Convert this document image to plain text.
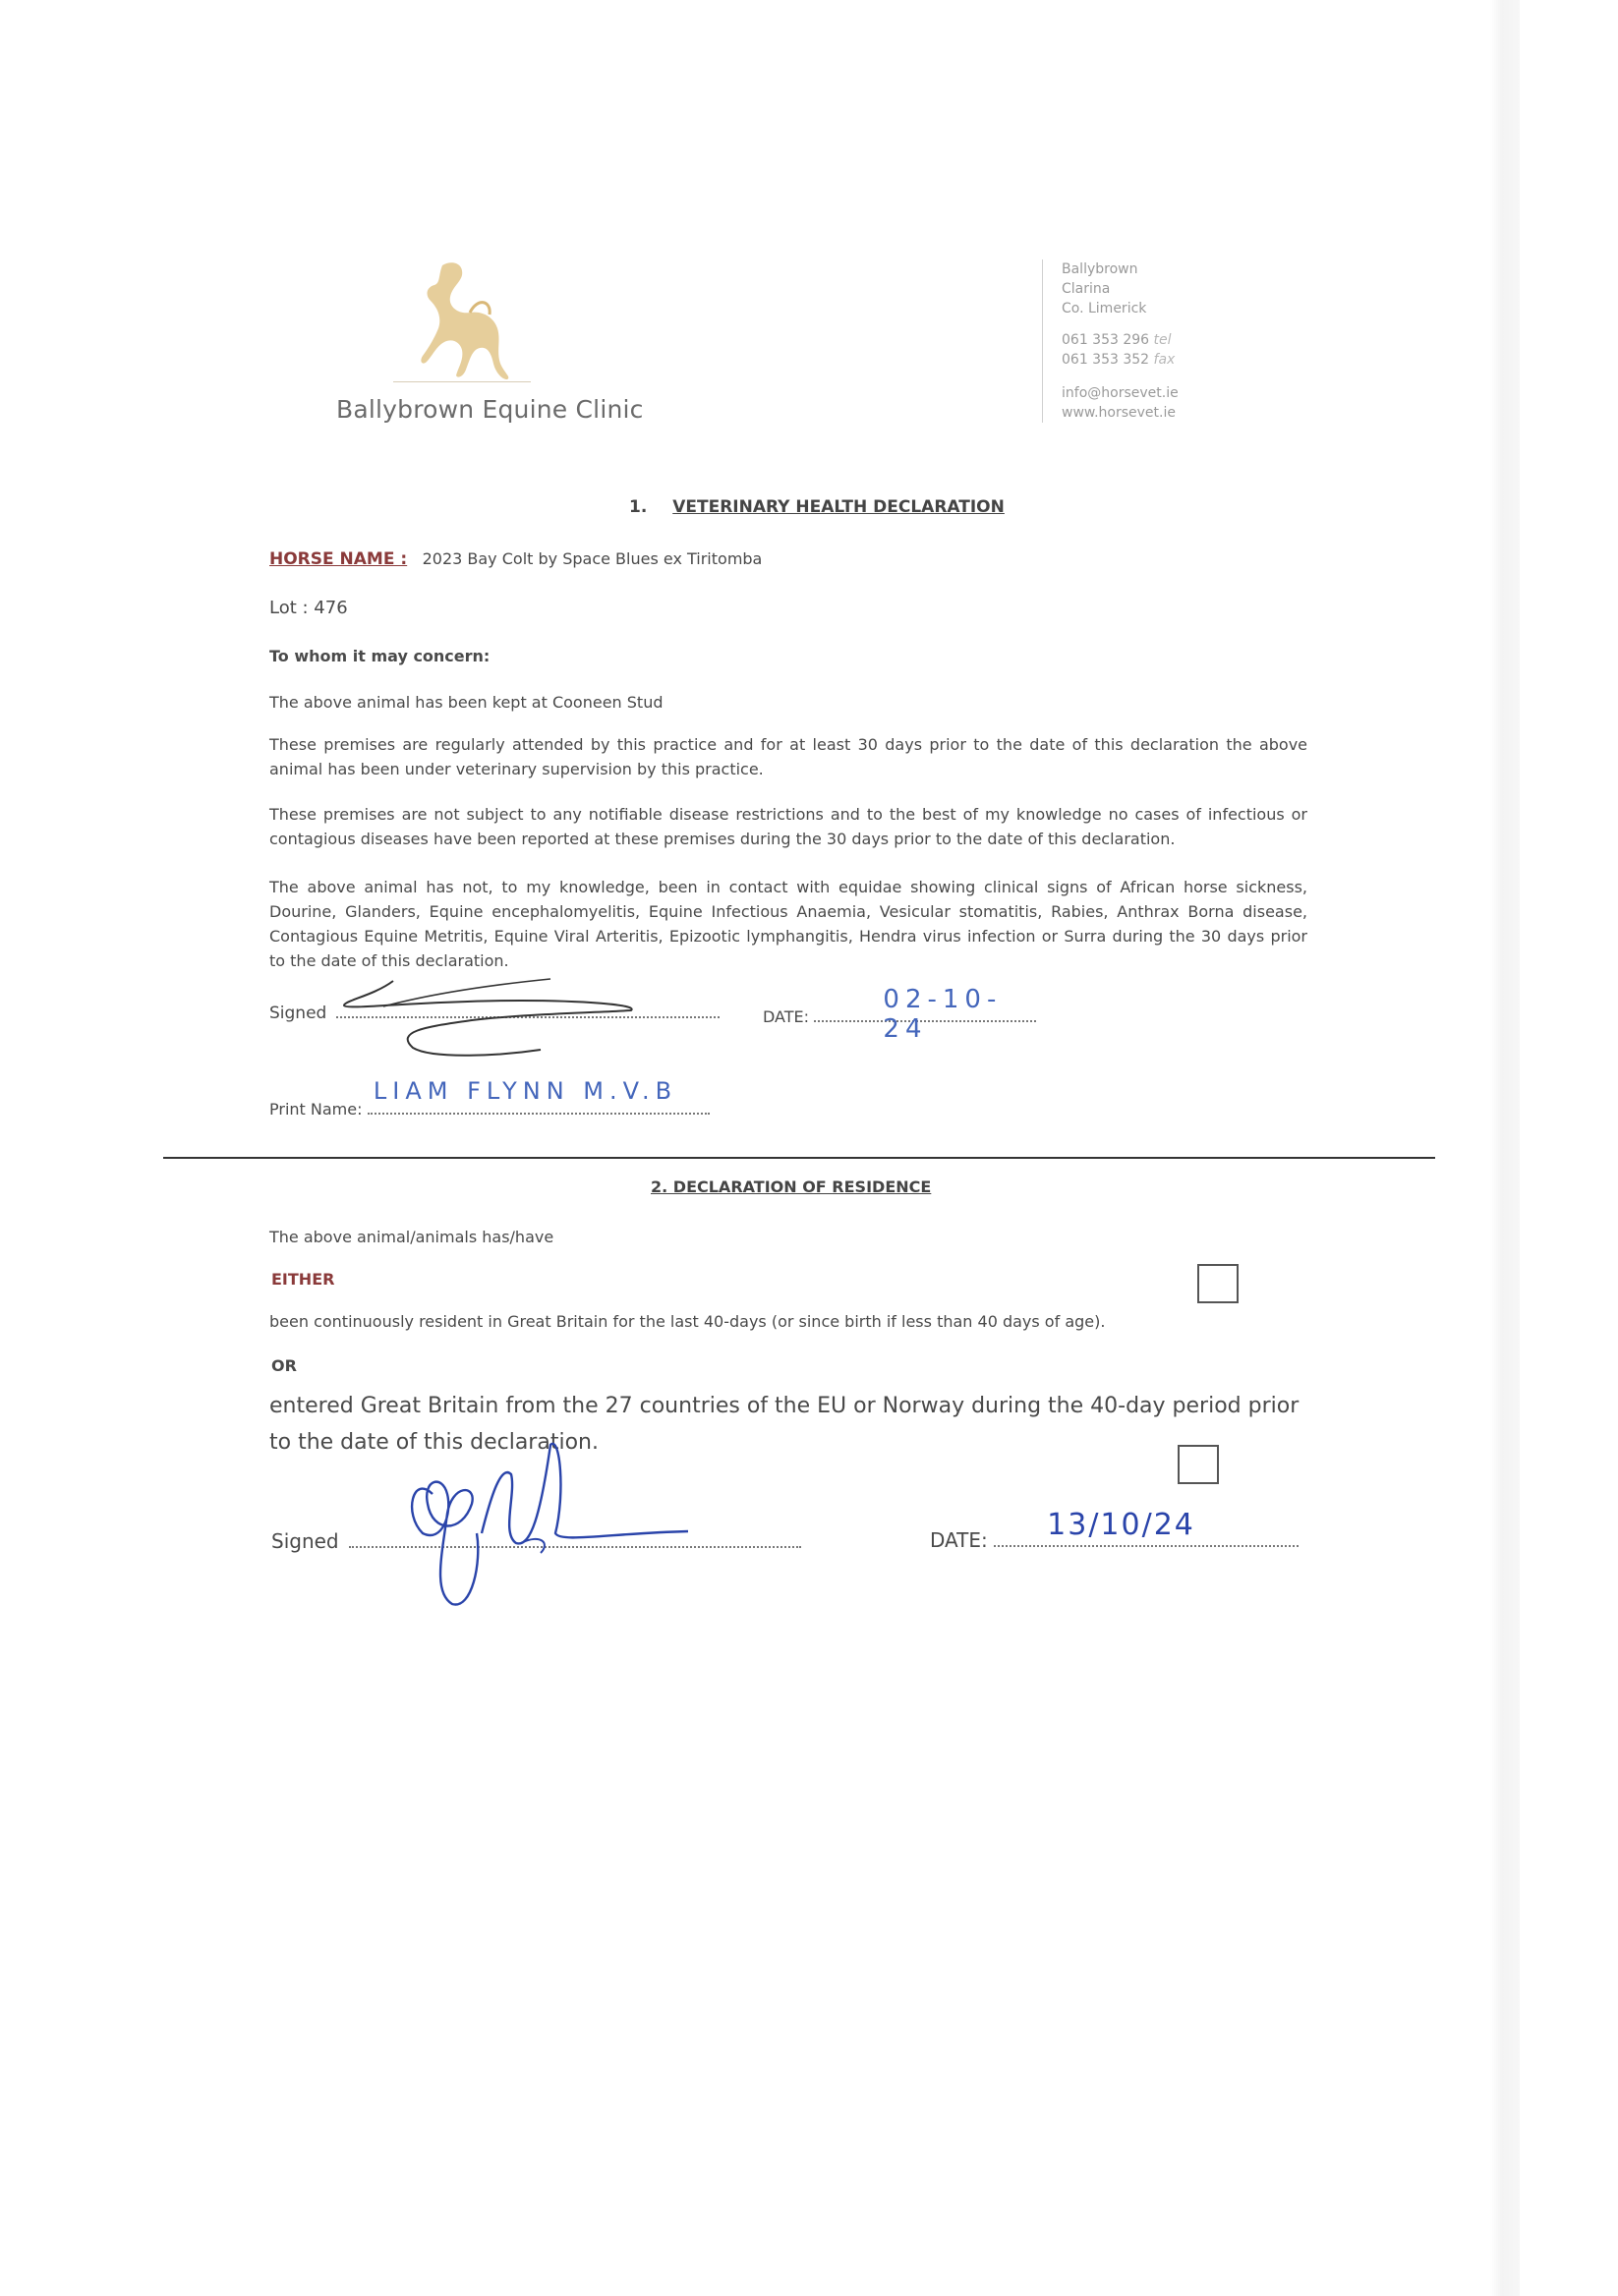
Ballybrown Equine Clinic
Ballybrown
Clarina
Co. Limerick
061 353 296 tel
061 353 352 fax
info@horsevet.ie
www.horsevet.ie
1. VETERINARY HEALTH DECLARATION
HORSE NAME : 2023 Bay Colt by Space Blues ex Tiritomba
Lot : 476
To whom it may concern:
The above animal has been kept at Cooneen Stud
These premises are regularly attended by this practice and for at least 30 days prior to the date of this declaration the above animal has been under veterinary supervision by this practice.
These premises are not subject to any notifiable disease restrictions and to the best of my knowledge no cases of infectious or contagious diseases have been reported at these premises during the 30 days prior to the date of this declaration.
The above animal has not, to my knowledge, been in contact with equidae showing clinical signs of African horse sickness, Dourine, Glanders, Equine encephalomyelitis, Equine Infectious Anaemia, Vesicular stomatitis, Rabies, Anthrax Borna disease, Contagious Equine Metritis, Equine Viral Arteritis, Epizootic lymphangitis, Hendra virus infection or Surra during the 30 days prior to the date of this declaration.
Signed	DATE:
02-10-24
Print Name:
LIAM FLYNN M.V.B
2. DECLARATION OF RESIDENCE
The above animal/animals has/have
EITHER
been continuously resident in Great Britain for the last 40-days (or since birth if less than 40 days of age).
OR
entered Great Britain from the 27 countries of the EU or Norway during the 40-day period prior to the date of this declaration.
Signed	DATE: 13/10/24
